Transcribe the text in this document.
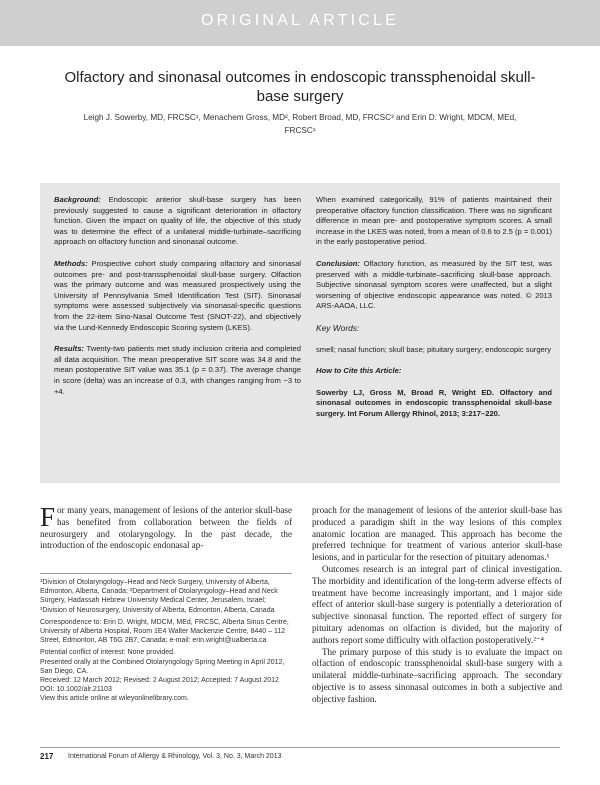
ORIGINAL ARTICLE
Olfactory and sinonasal outcomes in endoscopic transsphenoidal skull-base surgery
Leigh J. Sowerby, MD, FRCSC¹, Menachem Gross, MD², Robert Broad, MD, FRCSC³ and Erin D. Wright, MDCM, MEd, FRCSC¹

Background: Endoscopic anterior skull-base surgery has been previously suggested to cause a significant deterioration in olfactory function. Given the impact on quality of life, the objective of this study was to determine the effect of a unilateral middle-turbinate–sacrificing approach on olfactory function and sinonasal outcome.

Methods: Prospective cohort study comparing olfactory and sinonasal outcomes pre- and post-transsphenoidal skull-base surgery. Olfaction was the primary outcome and was measured prospectively using the University of Pennsylvania Smell Identification Test (SIT). Sinonasal symptoms were assessed subjectively via sinonasal-specific questions from the 22-item Sino-Nasal Outcome Test (SNOT-22), and objectively via the Lund-Kennedy Endoscopic Scoring system (LKES).

Results: Twenty-two patients met study inclusion criteria and completed all data acquisition. The mean preoperative SIT score was 34.8 and the mean postoperative SIT value was 35.1 (p = 0.37). The average change in score (delta) was an increase of 0.3, with changes ranging from −3 to +4.

When examined categorically, 91% of patients maintained their preoperative olfactory function classification. There was no significant difference in mean pre- and postoperative symptom scores. A small increase in the LKES was noted, from a mean of 0.6 to 2.5 (p = 0.001) in the early postoperative period.

Conclusion: Olfactory function, as measured by the SIT test, was preserved with a middle-turbinate–sacrificing skull-base approach. Subjective sinonasal symptom scores were unaffected, but a slight worsening of objective endoscopic appearance was noted. © 2013 ARS-AAOA, LLC.

Key Words:

smell; nasal function; skull base; pituitary surgery; endoscopic surgery

How to Cite this Article:

Sowerby LJ, Gross M, Broad R, Wright ED. Olfactory and sinonasal outcomes in endoscopic transsphenoidal skull-base surgery. Int Forum Allergy Rhinol, 2013; 3:217–220.

For many years, management of lesions of the anterior skull-base has benefited from collaboration between the fields of neurosurgery and otolaryngology. In the past decade, the introduction of the endoscopic endonasal ap-

¹Division of Otolaryngology–Head and Neck Surgery, University of Alberta, Edmonton, Alberta, Canada; ²Department of Otolaryngology–Head and Neck Surgery, Hadassah Hebrew University Medical Center, Jerusalem, Israel; ³Division of Neurosurgery, University of Alberta, Edmonton, Alberta, Canada

Correspondence to: Erin D. Wright, MDCM, MEd, FRCSC, Alberta Sinus Centre, University of Alberta Hospital, Room 1E4 Walter Mackenzie Centre, 8440 – 112 Street, Edmonton, AB T6G 2B7, Canada; e-mail: erin.wright@ualberta.ca

Potential conflict of interest: None provided.

Presented orally at the Combined Otolaryngology Spring Meeting in April 2012, San Diego, CA.

Received: 12 March 2012; Revised: 2 August 2012; Accepted: 7 August 2012

DOI: 10.1002/alr.21103

View this article online at wileyonlinelibrary.com.

proach for the management of lesions of the anterior skull-base has produced a paradigm shift in the way lesions of this complex anatomic location are managed. This approach has become the preferred technique for treatment of various anterior skull-base lesions, and in particular for the resection of pituitary adenomas.¹

Outcomes research is an integral part of clinical investigation. The morbidity and identification of the long-term adverse effects of treatment have become increasingly important, and 1 major side effect of anterior skull-base surgery is potentially a deterioration of subjective sinonasal function. The reported effect of surgery for pituitary adenomas on olfaction is divided, but the majority of authors report some difficulty with olfaction postoperatively.²⁻⁴

The primary purpose of this study is to evaluate the impact on olfaction of endoscopic transsphenoidal skull-base surgery with a unilateral middle-turbinate–sacrificing approach. The secondary objective is to assess sinonasal outcomes in both a subjective and objective fashion.

217 International Forum of Allergy & Rhinology, Vol. 3, No. 3, March 2013
